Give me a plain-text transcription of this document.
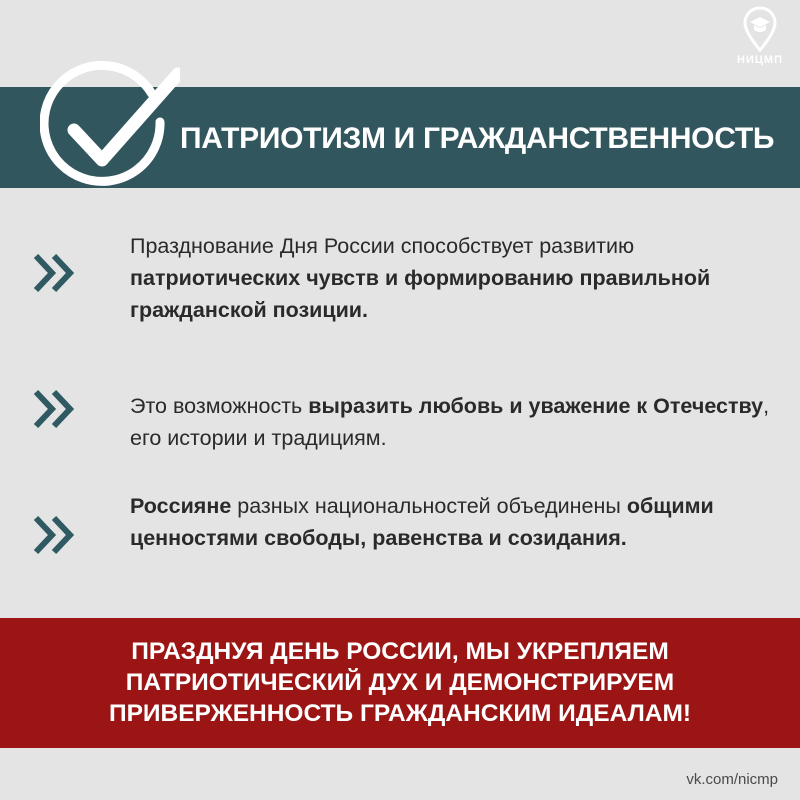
НИЦМП
ПАТРИОТИЗМ И ГРАЖДАНСТВЕННОСТЬ
Празднование Дня России способствует развитию патриотических чувств и формированию правильной гражданской позиции.
Это возможность выразить любовь и уважение к Отечеству, его истории и традициям.
Россияне разных национальностей объединены общими ценностями свободы, равенства и созидания.
ПРАЗДНУЯ ДЕНЬ РОССИИ, МЫ УКРЕПЛЯЕМ
ПАТРИОТИЧЕСКИЙ ДУХ И ДЕМОНСТРИРУЕМ
ПРИВЕРЖЕННОСТЬ ГРАЖДАНСКИМ ИДЕАЛАМ!
vk.com/nicmp
